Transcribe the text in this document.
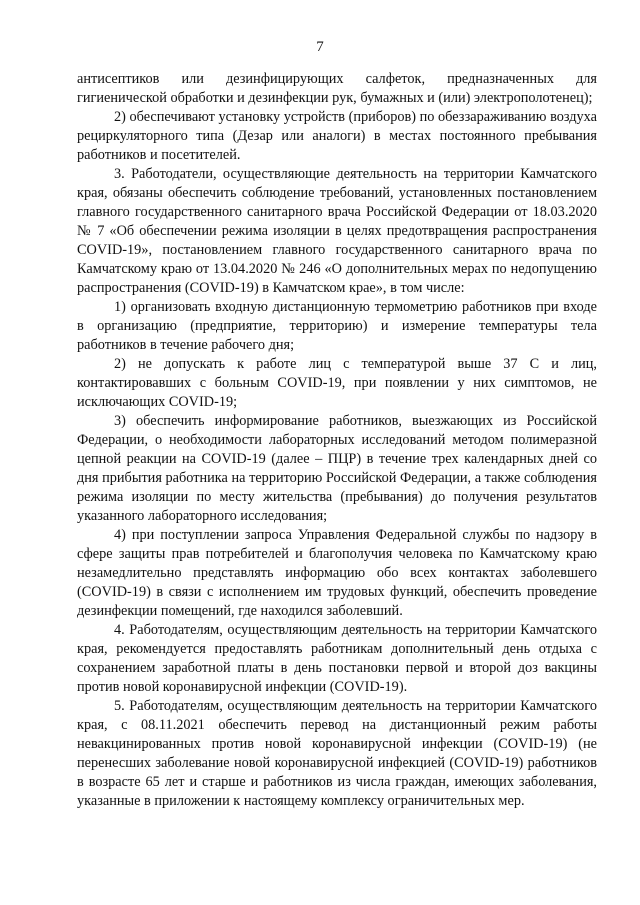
7

антисептиков или дезинфицирующих салфеток, предназначенных для гигиенической обработки и дезинфекции рук, бумажных и (или) электрополотенец);

2) обеспечивают установку устройств (приборов) по обеззараживанию воздуха рециркуляторного типа (Дезар или аналоги) в местах постоянного пребывания работников и посетителей.

3. Работодатели, осуществляющие деятельность на территории Камчатского края, обязаны обеспечить соблюдение требований, установленных постановлением главного государственного санитарного врача Российской Федерации от 18.03.2020 № 7 «Об обеспечении режима изоляции в целях предотвращения распространения COVID-19», постановлением главного государственного санитарного врача по Камчатскому краю от 13.04.2020 № 246 «О дополнительных мерах по недопущению распространения (COVID-19) в Камчатском крае», в том числе:

1) организовать входную дистанционную термометрию работников при входе в организацию (предприятие, территорию) и измерение температуры тела работников в течение рабочего дня;

2) не допускать к работе лиц с температурой выше 37 С и лиц, контактировавших с больным COVID-19, при появлении у них симптомов, не исключающих COVID-19;

3) обеспечить информирование работников, выезжающих из Российской Федерации, о необходимости лабораторных исследований методом полимеразной цепной реакции на COVID-19 (далее – ПЦР) в течение трех календарных дней со дня прибытия работника на территорию Российской Федерации, а также соблюдения режима изоляции по месту жительства (пребывания) до получения результатов указанного лабораторного исследования;

4) при поступлении запроса Управления Федеральной службы по надзору в сфере защиты прав потребителей и благополучия человека по Камчатскому краю незамедлительно представлять информацию обо всех контактах заболевшего (COVID-19) в связи с исполнением им трудовых функций, обеспечить проведение дезинфекции помещений, где находился заболевший.

4. Работодателям, осуществляющим деятельность на территории Камчатского края, рекомендуется предоставлять работникам дополнительный день отдыха с сохранением заработной платы в день постановки первой и второй доз вакцины против новой коронавирусной инфекции (COVID-19).

5. Работодателям, осуществляющим деятельность на территории Камчатского края, с 08.11.2021 обеспечить перевод на дистанционный режим работы невакцинированных против новой коронавирусной инфекции (COVID-19) (не перенесших заболевание новой коронавирусной инфекцией (COVID-19) работников в возрасте 65 лет и старше и работников из числа граждан, имеющих заболевания, указанные в приложении к настоящему комплексу ограничительных мер.
